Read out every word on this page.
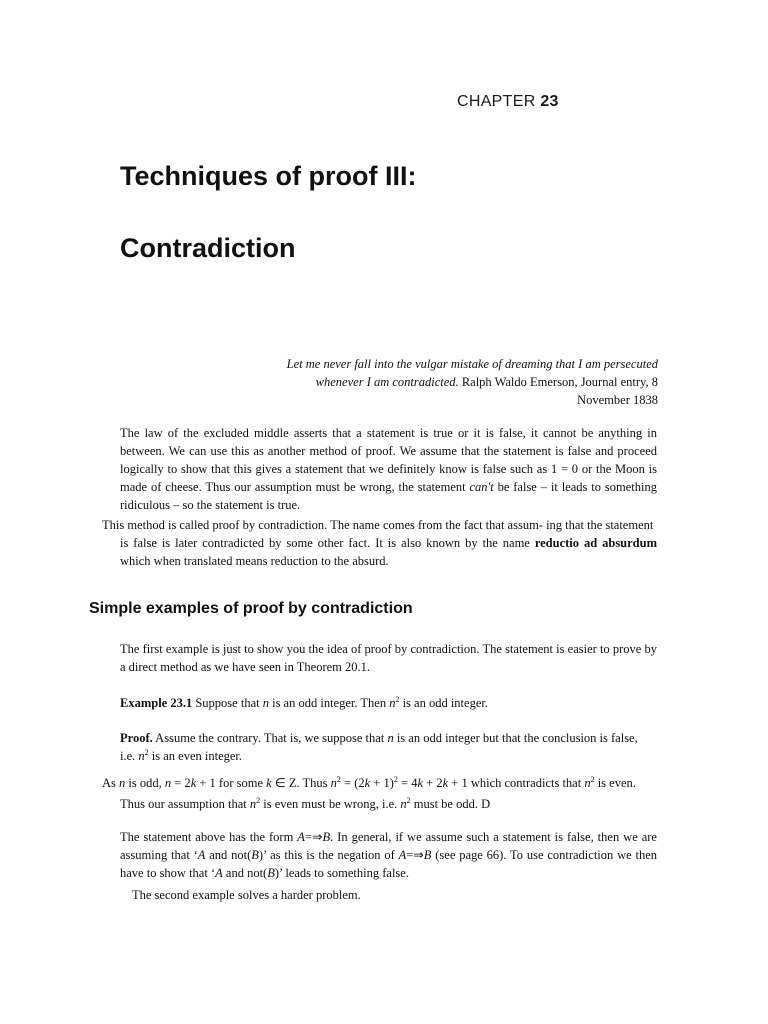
CHAPTER 23
Techniques of proof III:
Contradiction
Let me never fall into the vulgar mistake of dreaming that I am persecuted
whenever I am contradicted. Ralph Waldo Emerson, Journal entry, 8
November 1838
The law of the excluded middle asserts that a statement is true or it is false, it cannot be anything in between. We can use this as another method of proof. We assume that the statement is false and proceed logically to show that this gives a statement that we definitely know is false such as 1 = 0 or the Moon is made of cheese. Thus our assumption must be wrong, the statement can't be false – it leads to something ridiculous – so the statement is true.
This method is called proof by contradiction. The name comes from the fact that assum- ing that the statement
is false is later contradicted by some other fact. It is also known by the name reductio ad absurdum which when translated means reduction to the absurd.
Simple examples of proof by contradiction
The first example is just to show you the idea of proof by contradiction. The statement is easier to prove by a direct method as we have seen in Theorem 20.1.
Example 23.1 Suppose that n is an odd integer. Then $n^2$ is an odd integer.
Proof. Assume the contrary. That is, we suppose that n is an odd integer but that the conclusion is false,
i.e. $n^2$ is an even integer.
As n is odd, n = 2k + 1 for some k ∈ Z. Thus $n^2 = (2k + 1)^2 = 4k + 2k + 1$ which contradicts that $n^2$ is even.
Thus our assumption that $n^2$ is even must be wrong, i.e. $n^2$ must be odd. D
The statement above has the form A=⇒B. In general, if we assume such a statement is false, then we are assuming that ‘A and not(B)’ as this is the negation of A=⇒B (see page 66). To use contradiction we then have to show that ‘A and not(B)’ leads to something false.
The second example solves a harder problem.
